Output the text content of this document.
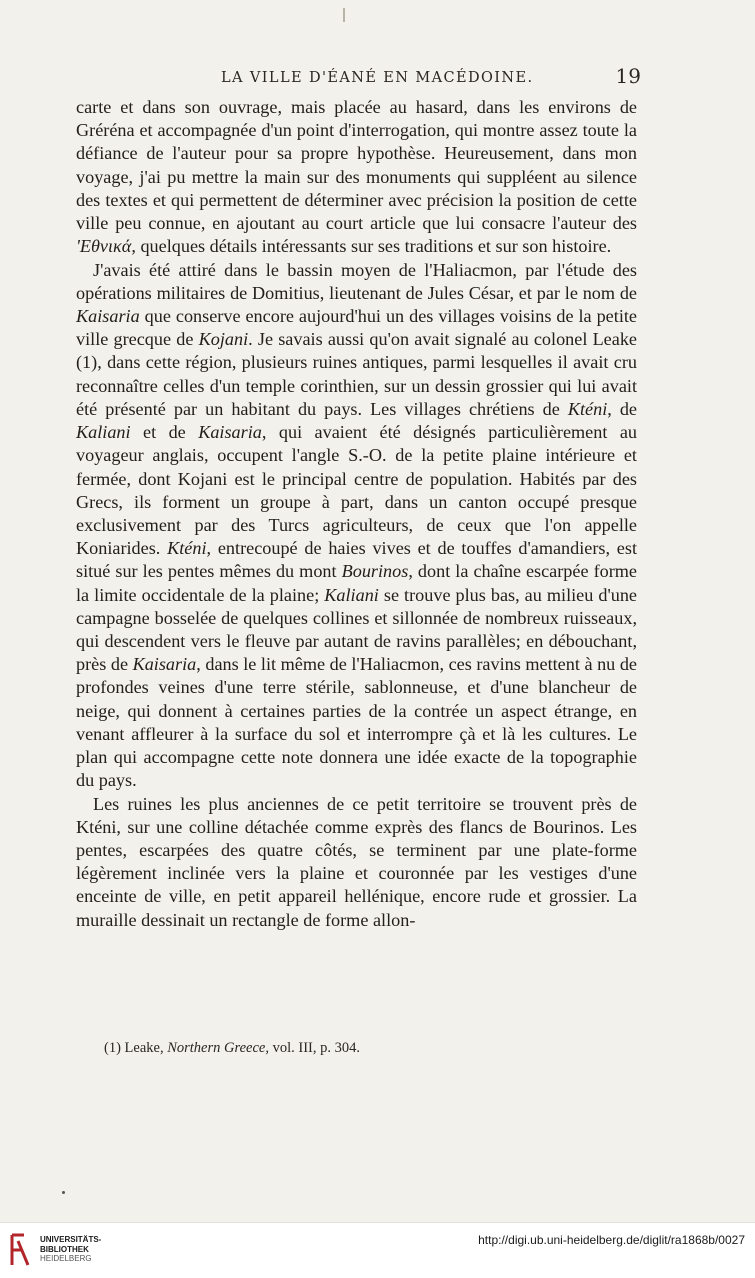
LA VILLE D'ÉANÉ EN MACÉDOINE.	19

carte et dans son ouvrage, mais placée au hasard, dans les environs de Gréréna et accompagnée d'un point d'interrogation, qui montre assez toute la défiance de l'auteur pour sa propre hypothèse. Heureusement, dans mon voyage, j'ai pu mettre la main sur des monuments qui suppléent au silence des textes et qui permettent de déterminer avec précision la position de cette ville peu connue, en ajoutant au court article que lui consacre l'auteur des 'Εθνικά, quelques détails intéressants sur ses traditions et sur son histoire.

J'avais été attiré dans le bassin moyen de l'Haliacmon, par l'étude des opérations militaires de Domitius, lieutenant de Jules César, et par le nom de Kaisaria que conserve encore aujourd'hui un des villages voisins de la petite ville grecque de Kojani. Je savais aussi qu'on avait signalé au colonel Leake (1), dans cette région, plusieurs ruines antiques, parmi lesquelles il avait cru reconnaître celles d'un temple corinthien, sur un dessin grossier qui lui avait été présenté par un habitant du pays. Les villages chrétiens de Kténi, de Kaliani et de Kaisaria, qui avaient été désignés particulièrement au voyageur anglais, occupent l'angle S.-O. de la petite plaine intérieure et fermée, dont Kojani est le principal centre de population. Habités par des Grecs, ils forment un groupe à part, dans un canton occupé presque exclusivement par des Turcs agriculteurs, de ceux que l'on appelle Koniarides. Kténi, entrecoupé de haies vives et de touffes d'amandiers, est situé sur les pentes mêmes du mont Bourinos, dont la chaîne escarpée forme la limite occidentale de la plaine; Kaliani se trouve plus bas, au milieu d'une campagne bosselée de quelques collines et sillonnée de nombreux ruisseaux, qui descendent vers le fleuve par autant de ravins parallèles; en débouchant, près de Kaisaria, dans le lit même de l'Haliacmon, ces ravins mettent à nu de profondes veines d'une terre stérile, sablonneuse, et d'une blancheur de neige, qui donnent à certaines parties de la contrée un aspect étrange, en venant affleurer à la surface du sol et interrompre çà et là les cultures. Le plan qui accompagne cette note donnera une idée exacte de la topographie du pays.

Les ruines les plus anciennes de ce petit territoire se trouvent près de Kténi, sur une colline détachée comme exprès des flancs de Bourinos. Les pentes, escarpées des quatre côtés, se terminent par une plate-forme légèrement inclinée vers la plaine et couronnée par les vestiges d'une enceinte de ville, en petit appareil hellénique, encore rude et grossier. La muraille dessinait un rectangle de forme allon-

(1) Leake, Northern Greece, vol. III, p. 304.
UNIVERSITÄTS-
BIBLIOTHEK
HEIDELBERG
http://digi.ub.uni-heidelberg.de/diglit/ra1868b/0027
